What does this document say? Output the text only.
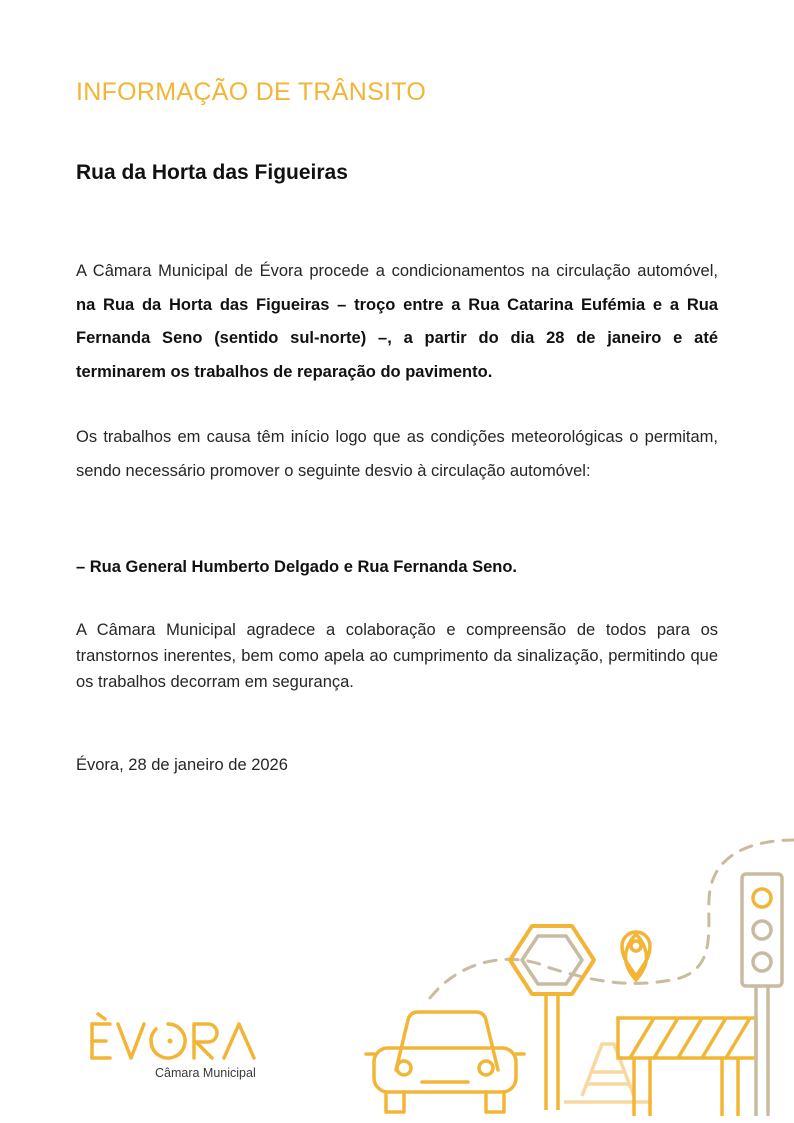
INFORMAÇÃO DE TRÂNSITO
Rua da Horta das Figueiras

A Câmara Municipal de Évora procede a condicionamentos na circulação automóvel, na Rua da Horta das Figueiras – troço entre a Rua Catarina Eufémia e a Rua Fernanda Seno (sentido sul-norte) –, a partir do dia 28 de janeiro e até terminarem os trabalhos de reparação do pavimento.

Os trabalhos em causa têm início logo que as condições meteorológicas o permitam, sendo necessário promover o seguinte desvio à circulação automóvel:

– Rua General Humberto Delgado e Rua Fernanda Seno.

A Câmara Municipal agradece a colaboração e compreensão de todos para os transtornos inerentes, bem como apela ao cumprimento da sinalização, permitindo que os trabalhos decorram em segurança.

Évora, 28 de janeiro de 2026

Câmara Municipal
